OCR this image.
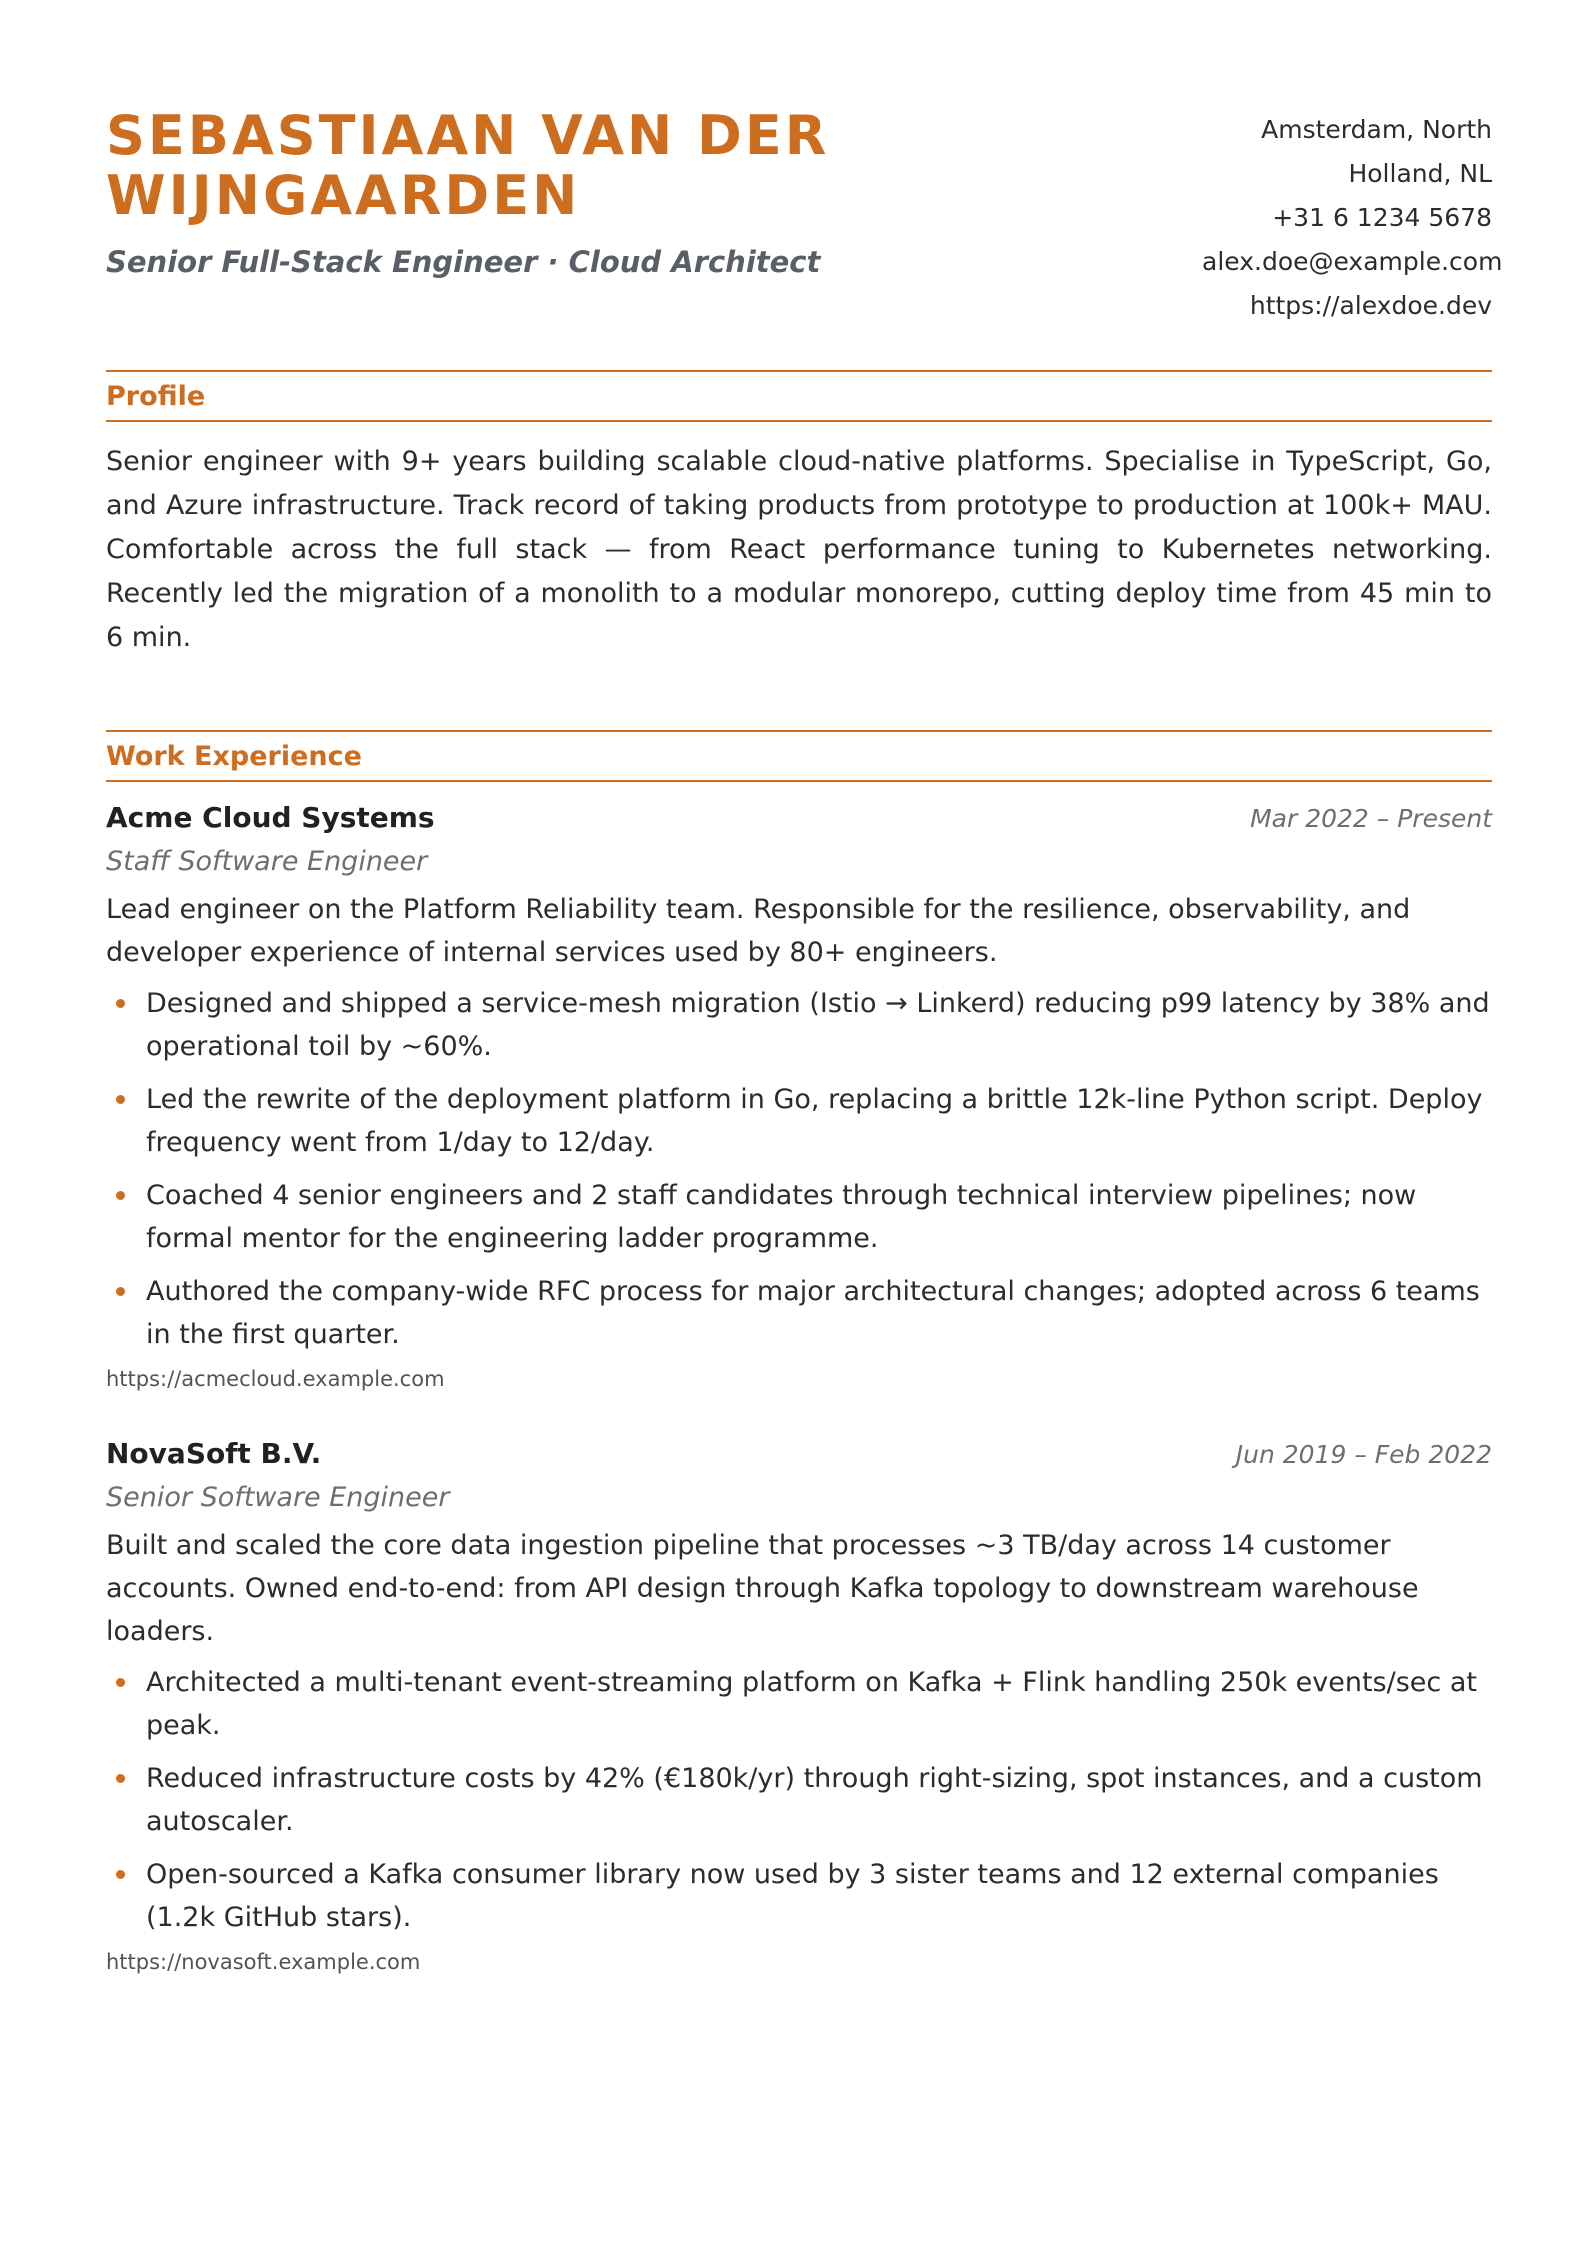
SEBASTIAAN VAN DER WIJNGAARDEN
Senior Full-Stack Engineer · Cloud Architect
Amsterdam, North Holland, NL
+31 6 1234 5678
alex.doe@example.com
https://alexdoe.dev
Profile

Senior engineer with 9+ years building scalable cloud-native platforms. Specialise in TypeScript, Go, and Azure infrastructure. Track record of taking products from prototype to production at 100k+ MAU. Comfortable across the full stack — from React performance tuning to Kubernetes networking. Recently led the migration of a monolith to a modular monorepo, cutting deploy time from 45 min to 6 min.

Work Experience
Acme Cloud Systems	Mar 2022 – Present
Staff Software Engineer
Lead engineer on the Platform Reliability team. Responsible for the resilience, observability, and developer experience of internal services used by 80+ engineers.
Designed and shipped a service-mesh migration (Istio → Linkerd) reducing p99 latency by 38% and operational toil by ~60%.
Led the rewrite of the deployment platform in Go, replacing a brittle 12k-line Python script. Deploy frequency went from 1/day to 12/day.
Coached 4 senior engineers and 2 staff candidates through technical interview pipelines; now formal mentor for the engineering ladder programme.
Authored the company-wide RFC process for major architectural changes; adopted across 6 teams in the first quarter.
https://acmecloud.example.com
NovaSoft B.V.	Jun 2019 – Feb 2022
Senior Software Engineer
Built and scaled the core data ingestion pipeline that processes ~3 TB/day across 14 customer accounts. Owned end-to-end: from API design through Kafka topology to downstream warehouse loaders.
Architected a multi-tenant event-streaming platform on Kafka + Flink handling 250k events/sec at peak.
Reduced infrastructure costs by 42% (€180k/yr) through right-sizing, spot instances, and a custom autoscaler.
Open-sourced a Kafka consumer library now used by 3 sister teams and 12 external companies (1.2k GitHub stars).
https://novasoft.example.com
